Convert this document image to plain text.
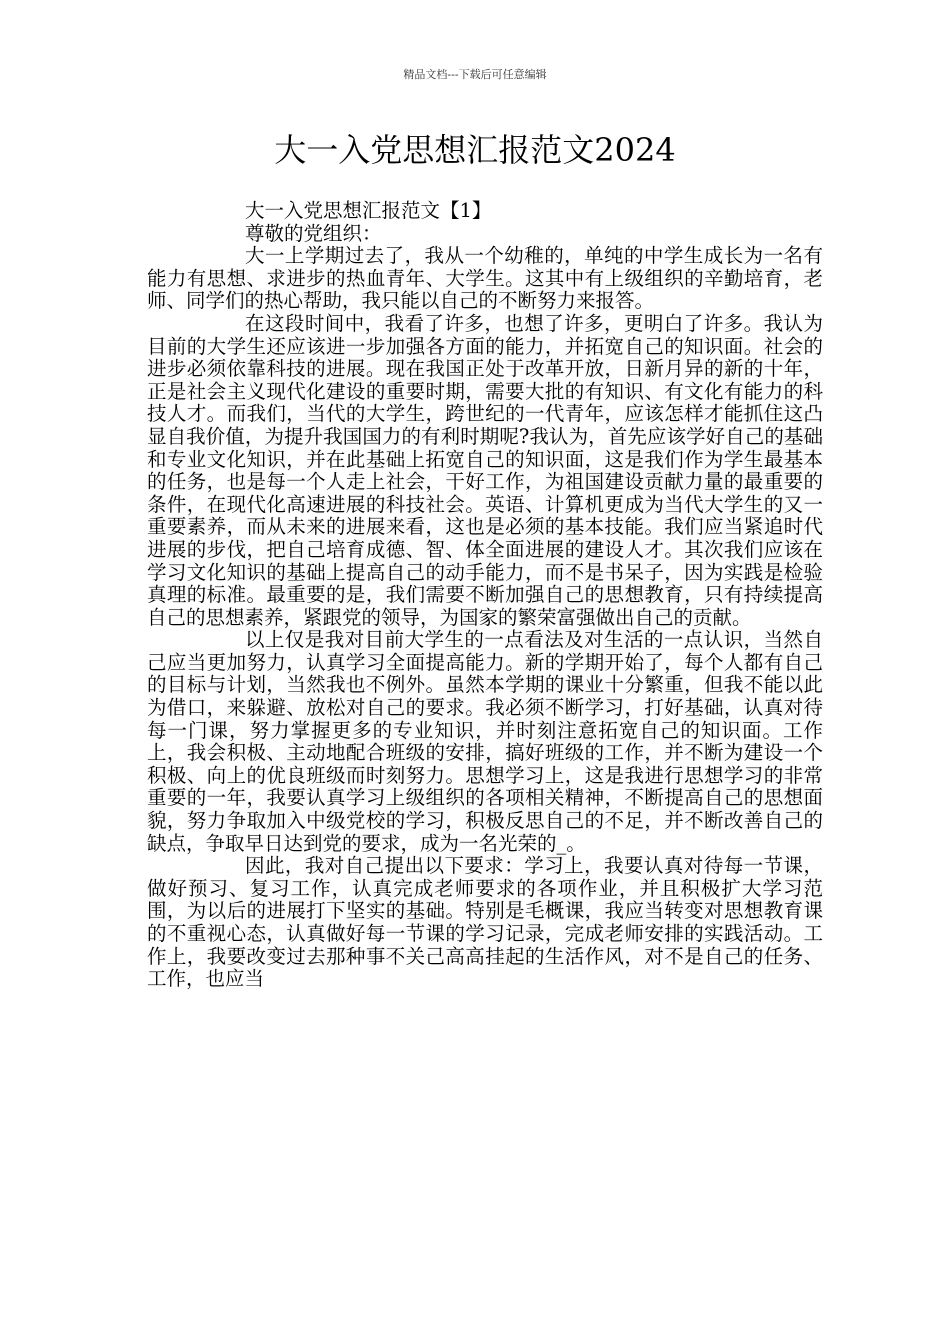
精品文档---下载后可任意编辑
大一入党思想汇报范文2024

大一入党思想汇报范文【1】

尊敬的党组织：

大一上学期过去了，我从一个幼稚的，单纯的中学生成长为一名有能力有思想、求进步的热血青年、大学生。这其中有上级组织的辛勤培育，老师、同学们的热心帮助，我只能以自己的不断努力来报答。

在这段时间中，我看了许多，也想了许多，更明白了许多。我认为目前的大学生还应该进一步加强各方面的能力，并拓宽自己的知识面。社会的进步必须依靠科技的进展。现在我国正处于改革开放，日新月异的新的十年，正是社会主义现代化建设的重要时期，需要大批的有知识、有文化有能力的科技人才。而我们，当代的大学生，跨世纪的一代青年，应该怎样才能抓住这凸显自我价值，为提升我国国力的有利时期呢?我认为，首先应该学好自己的基础和专业文化知识，并在此基础上拓宽自己的知识面，这是我们作为学生最基本的任务，也是每一个人走上社会，干好工作，为祖国建设贡献力量的最重要的条件，在现代化高速进展的科技社会。英语、计算机更成为当代大学生的又一重要素养，而从未来的进展来看，这也是必须的基本技能。我们应当紧追时代进展的步伐，把自己培育成德、智、体全面进展的建设人才。其次我们应该在学习文化知识的基础上提高自己的动手能力，而不是书呆子，因为实践是检验真理的标准。最重要的是，我们需要不断加强自己的思想教育，只有持续提高自己的思想素养，紧跟党的领导，为国家的繁荣富强做出自己的贡献。

以上仅是我对目前大学生的一点看法及对生活的一点认识，当然自己应当更加努力，认真学习全面提高能力。新的学期开始了，每个人都有自己的目标与计划，当然我也不例外。虽然本学期的课业十分繁重，但我不能以此为借口，来躲避、放松对自己的要求。我必须不断学习，打好基础，认真对待每一门课，努力掌握更多的专业知识，并时刻注意拓宽自己的知识面。工作上，我会积极、主动地配合班级的安排，搞好班级的工作，并不断为建设一个积极、向上的优良班级而时刻努力。思想学习上，这是我进行思想学习的非常重要的一年，我要认真学习上级组织的各项相关精神，不断提高自己的思想面貌，努力争取加入中级党校的学习，积极反思自己的不足，并不断改善自己的缺点，争取早日达到党的要求，成为一名光荣的_。

因此，我对自己提出以下要求：学习上，我要认真对待每一节课，做好预习、复习工作，认真完成老师要求的各项作业，并且积极扩大学习范围，为以后的进展打下坚实的基础。特别是毛概课，我应当转变对思想教育课的不重视心态，认真做好每一节课的学习记录，完成老师安排的实践活动。工作上，我要改变过去那种事不关己高高挂起的生活作风，对不是自己的任务、工作，也应当
